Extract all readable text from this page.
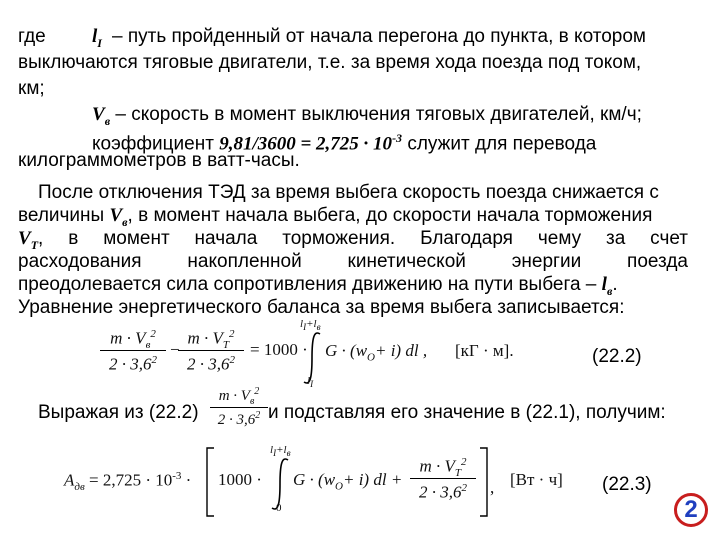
где $l_I$ – путь пройденный от начала перегона до пункта, в котором
выключаются тяговые двигатели, т.е. за время хода поезда под током,
км;
$V_в$ – скорость в момент выключения тяговых двигателей, км/ч;
коэффициент $9,81/3600 = 2,725 \cdot 10^{-3}$ служит для перевода
килограммометров в ватт-часы.
После отключения ТЭД за время выбега скорость поезда снижается с
величины $V_в$, в момент начала выбега, до скорости начала торможения
$V_T$, в момент начала торможения. Благодаря чему за счет
расходования накопленной кинетической энергии поезда
преодолевается сила сопротивления движению на пути выбега – $l_в$.
Уравнение энергетического баланса за время выбега записывается:
$m \cdot V_в^2$
$2 \cdot 3,6^2$
−
$m \cdot V_T^2$
$2 \cdot 3,6^2$
= 1000 ·
$l_I+l_в$
$l_I$
$G \cdot (w_O+ i)$ dl , [кГ · м].	(22.2)
Выражая из (22.2)
$m \cdot V_в^2$
$2 \cdot 3,6^2$ и подставляя его значение в (22.1), получим:
$A_{дв} = 2,725 \cdot 10^{-3} \cdot 1000$ ·
$l_I+l_в$
0
$G \cdot (w_O+ i)$ dl +
$m \cdot V_T^2$
$2 \cdot 3,6^2$	, [Вт · ч] (22.3)
2
